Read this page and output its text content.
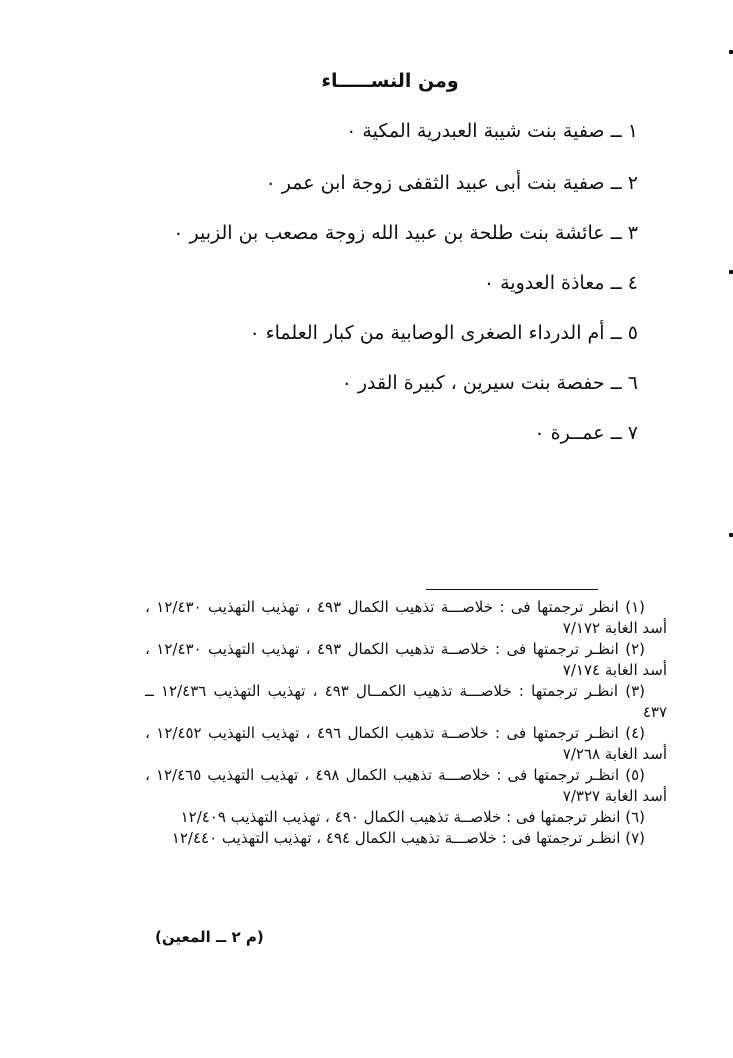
ومن النســـــاء
١ ــ صفية بنت شيبة العبدرية المكية ٠
٢ ــ صفية بنت أبى عبيد الثقفى زوجة ابن عمر ٠
٣ ــ عائشة بنت طلحة بن عبيد الله زوجة مصعب بن الزبير ٠
٤ ــ معاذة العدوية ٠
٥ ــ أم الدرداء الصغرى الوصابية من كبار العلماء ٠
٦ ــ حفصة بنت سيرين ، كبيرة القدر ٠
٧ ــ عمــرة ٠

(١) انظر ترجمتها فى : خلاصـــة تذهيب الكمال ٤٩٣ ، تهذيب التهذيب ١٢/٤٣٠ ، أسد الغابة ٧/١٧٢

(٢) انظـر ترجمتها فى : خلاصــة تذهيب الكمال ٤٩٣ ، تهذيب التهذيب ١٢/٤٣٠ ، أسد الغابة ٧/١٧٤

(٣) انظـر ترجمتها : خلاصـــة تذهيب الكمــال ٤٩٣ ، تهذيب التهذيب ١٢/٤٣٦ ــ ٤٣٧

(٤) انظـر ترجمتها فى : خلاصــة تذهيب الكمال ٤٩٦ ، تهذيب التهذيب ١٢/٤٥٢ ، أسد الغابة ٧/٢٦٨

(٥) انظـر ترجمتها فى : خلاصـــة تذهيب الكمال ٤٩٨ ، تهذيب التهذيب ١٢/٤٦٥ ، أسد الغابة ٧/٣٢٧

(٦) انظر ترجمتها فى : خلاصــة تذهيب الكمال ٤٩٠ ، تهذيب التهذيب ١٢/٤٠٩

(٧) انظـر ترجمتها فى : خلاصـــة تذهيب الكمال ٤٩٤ ، تهذيب التهذيب ١٢/٤٤٠

(م ٢ ــ المعين)
